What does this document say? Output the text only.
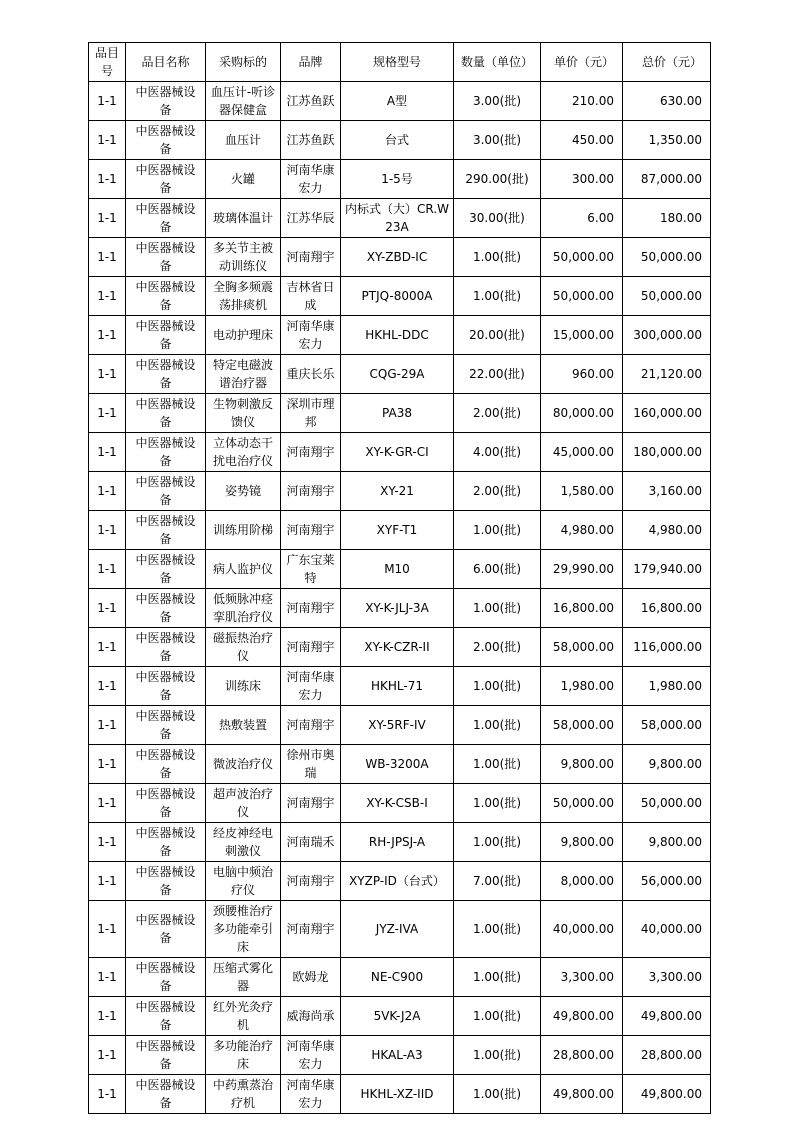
品目号	品目名称	采购标的	品牌	规格型号	数量（单位）	单价（元）	总价（元）
1-1	中医器械设备	血压计-听诊器保健盒	江苏鱼跃	A型	3.00(批)	210.00	630.00
1-1	中医器械设备	血压计	江苏鱼跃	台式	3.00(批)	450.00	1,350.00
1-1	中医器械设备	火罐	河南华康宏力	1-5号	290.00(批)	300.00	87,000.00
1-1	中医器械设备	玻璃体温计	江苏华辰	内标式（大）CR.W23A	30.00(批)	6.00	180.00
1-1	中医器械设备	多关节主被动训练仪	河南翔宇	XY-ZBD-IC	1.00(批)	50,000.00	50,000.00
1-1	中医器械设备	全胸多频震荡排痰机	吉林省日成	PTJQ-8000A	1.00(批)	50,000.00	50,000.00
1-1	中医器械设备	电动护理床	河南华康宏力	HKHL-DDC	20.00(批)	15,000.00	300,000.00
1-1	中医器械设备	特定电磁波谱治疗器	重庆长乐	CQG-29A	22.00(批)	960.00	21,120.00
1-1	中医器械设备	生物刺激反馈仪	深圳市理邦	PA38	2.00(批)	80,000.00	160,000.00
1-1	中医器械设备	立体动态干扰电治疗仪	河南翔宇	XY-K-GR-CI	4.00(批)	45,000.00	180,000.00
1-1	中医器械设备	姿势镜	河南翔宇	XY-21	2.00(批)	1,580.00	3,160.00
1-1	中医器械设备	训练用阶梯	河南翔宇	XYF-T1	1.00(批)	4,980.00	4,980.00
1-1	中医器械设备	病人监护仪	广东宝莱特	M10	6.00(批)	29,990.00	179,940.00
1-1	中医器械设备	低频脉冲痉挛肌治疗仪	河南翔宇	XY-K-JLJ-3A	1.00(批)	16,800.00	16,800.00
1-1	中医器械设备	磁振热治疗仪	河南翔宇	XY-K-CZR-II	2.00(批)	58,000.00	116,000.00
1-1	中医器械设备	训练床	河南华康宏力	HKHL-71	1.00(批)	1,980.00	1,980.00
1-1	中医器械设备	热敷装置	河南翔宇	XY-5RF-IV	1.00(批)	58,000.00	58,000.00
1-1	中医器械设备	微波治疗仪	徐州市奥瑞	WB-3200A	1.00(批)	9,800.00	9,800.00
1-1	中医器械设备	超声波治疗仪	河南翔宇	XY-K-CSB-I	1.00(批)	50,000.00	50,000.00
1-1	中医器械设备	经皮神经电刺激仪	河南瑞禾	RH-JPSJ-A	1.00(批)	9,800.00	9,800.00
1-1	中医器械设备	电脑中频治疗仪	河南翔宇	XYZP-ID（台式）	7.00(批)	8,000.00	56,000.00
1-1	中医器械设备	颈腰椎治疗多功能牵引床	河南翔宇	JYZ-IVA	1.00(批)	40,000.00	40,000.00
1-1	中医器械设备	压缩式雾化器	欧姆龙	NE-C900	1.00(批)	3,300.00	3,300.00
1-1	中医器械设备	红外光灸疗机	威海尚承	5VK-J2A	1.00(批)	49,800.00	49,800.00
1-1	中医器械设备	多功能治疗床	河南华康宏力	HKAL-A3	1.00(批)	28,800.00	28,800.00
1-1	中医器械设备	中药熏蒸治疗机	河南华康宏力	HKHL-XZ-IID	1.00(批)	49,800.00	49,800.00
